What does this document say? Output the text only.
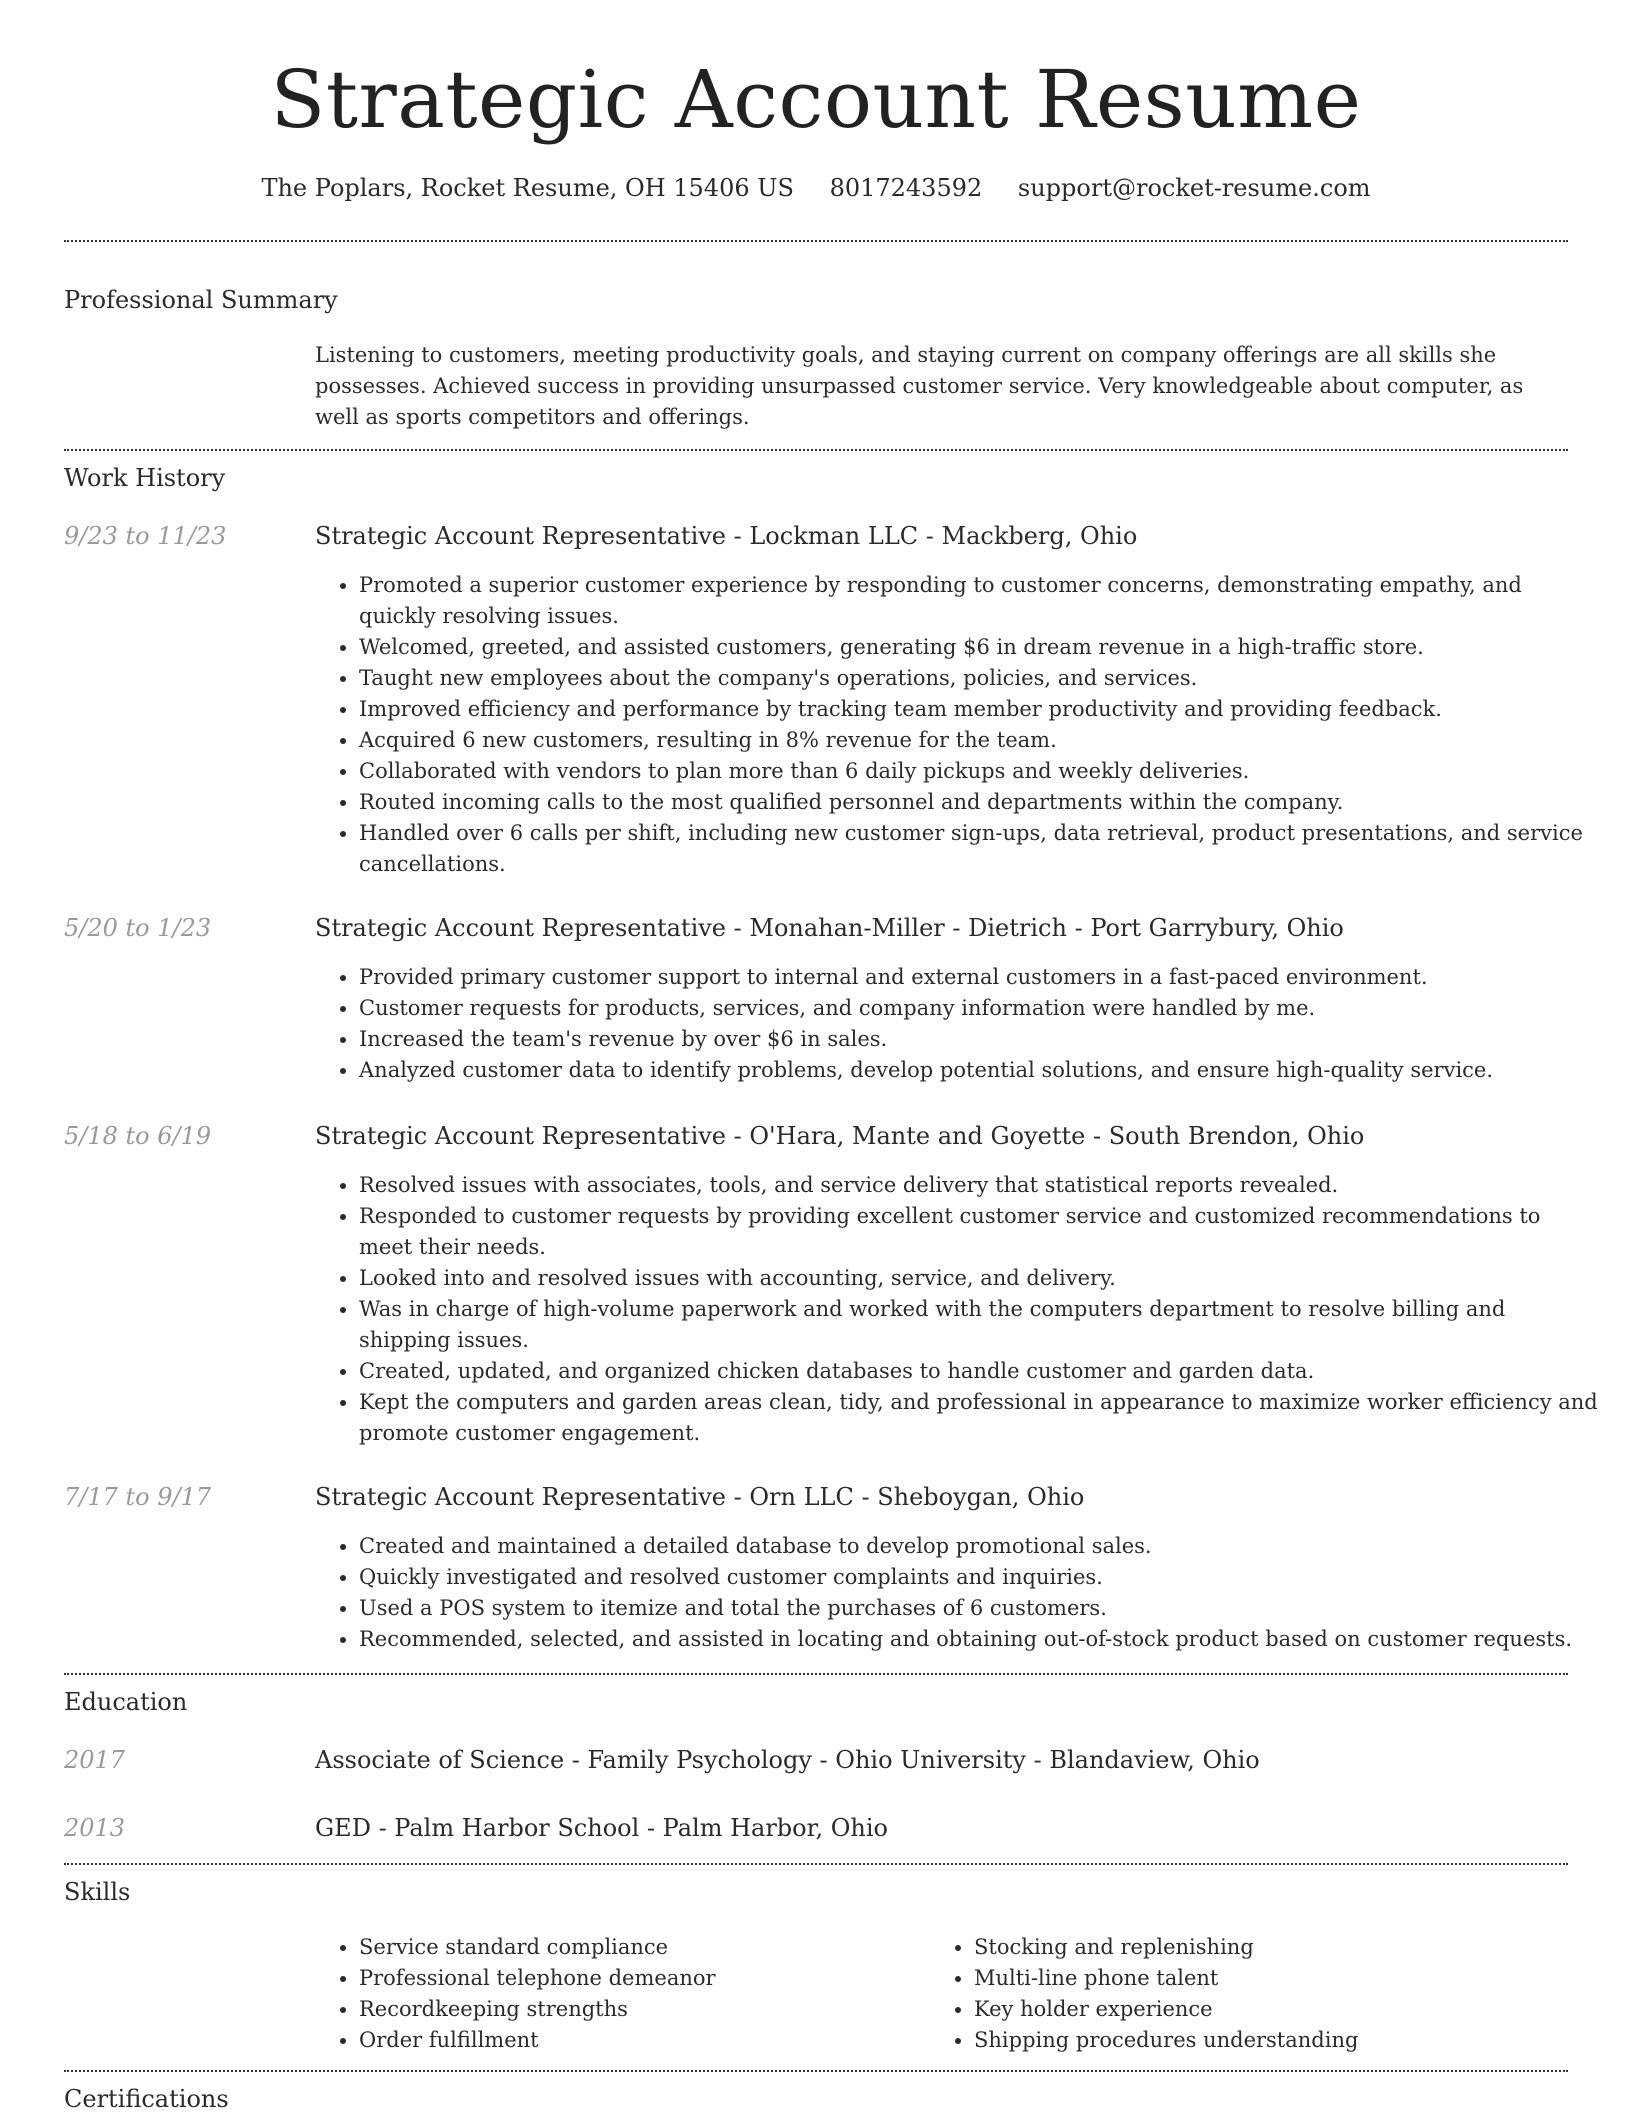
Strategic Account Resume
The Poplars, Rocket Resume, OH 15406 US 8017243592 support@rocket-resume.com
Professional Summary

Listening to customers, meeting productivity goals, and staying current on company offerings are all skills she possesses. Achieved success in providing unsurpassed customer service. Very knowledgeable about computer, as well as sports competitors and offerings.

Work History
9/23 to 11/23	Strategic Account Representative - Lockman LLC - Mackberg, Ohio
• Promoted a superior customer experience by responding to customer concerns, demonstrating empathy, and quickly resolving issues.
• Welcomed, greeted, and assisted customers, generating $6 in dream revenue in a high-traffic store.
• Taught new employees about the company's operations, policies, and services.
• Improved efficiency and performance by tracking team member productivity and providing feedback.
• Acquired 6 new customers, resulting in 8% revenue for the team.
• Collaborated with vendors to plan more than 6 daily pickups and weekly deliveries.
• Routed incoming calls to the most qualified personnel and departments within the company.
• Handled over 6 calls per shift, including new customer sign-ups, data retrieval, product presentations, and service cancellations.
5/20 to 1/23	Strategic Account Representative - Monahan-Miller - Dietrich - Port Garrybury, Ohio
• Provided primary customer support to internal and external customers in a fast-paced environment.
• Customer requests for products, services, and company information were handled by me.
• Increased the team's revenue by over $6 in sales.
• Analyzed customer data to identify problems, develop potential solutions, and ensure high-quality service.
5/18 to 6/19	Strategic Account Representative - O'Hara, Mante and Goyette - South Brendon, Ohio
• Resolved issues with associates, tools, and service delivery that statistical reports revealed.
• Responded to customer requests by providing excellent customer service and customized recommendations to meet their needs.
• Looked into and resolved issues with accounting, service, and delivery.
• Was in charge of high-volume paperwork and worked with the computers department to resolve billing and shipping issues.
• Created, updated, and organized chicken databases to handle customer and garden data.
• Kept the computers and garden areas clean, tidy, and professional in appearance to maximize worker efficiency and promote customer engagement.
7/17 to 9/17	Strategic Account Representative - Orn LLC - Sheboygan, Ohio
• Created and maintained a detailed database to develop promotional sales.
• Quickly investigated and resolved customer complaints and inquiries.
• Used a POS system to itemize and total the purchases of 6 customers.
• Recommended, selected, and assisted in locating and obtaining out-of-stock product based on customer requests.
Education
2017	Associate of Science - Family Psychology - Ohio University - Blandaview, Ohio
2013	GED - Palm Harbor School - Palm Harbor, Ohio
Skills
• Service standard compliance
• Professional telephone demeanor
• Recordkeeping strengths
• Order fulfillment
• Stocking and replenishing
• Multi-line phone talent
• Key holder experience
• Shipping procedures understanding
Certifications
